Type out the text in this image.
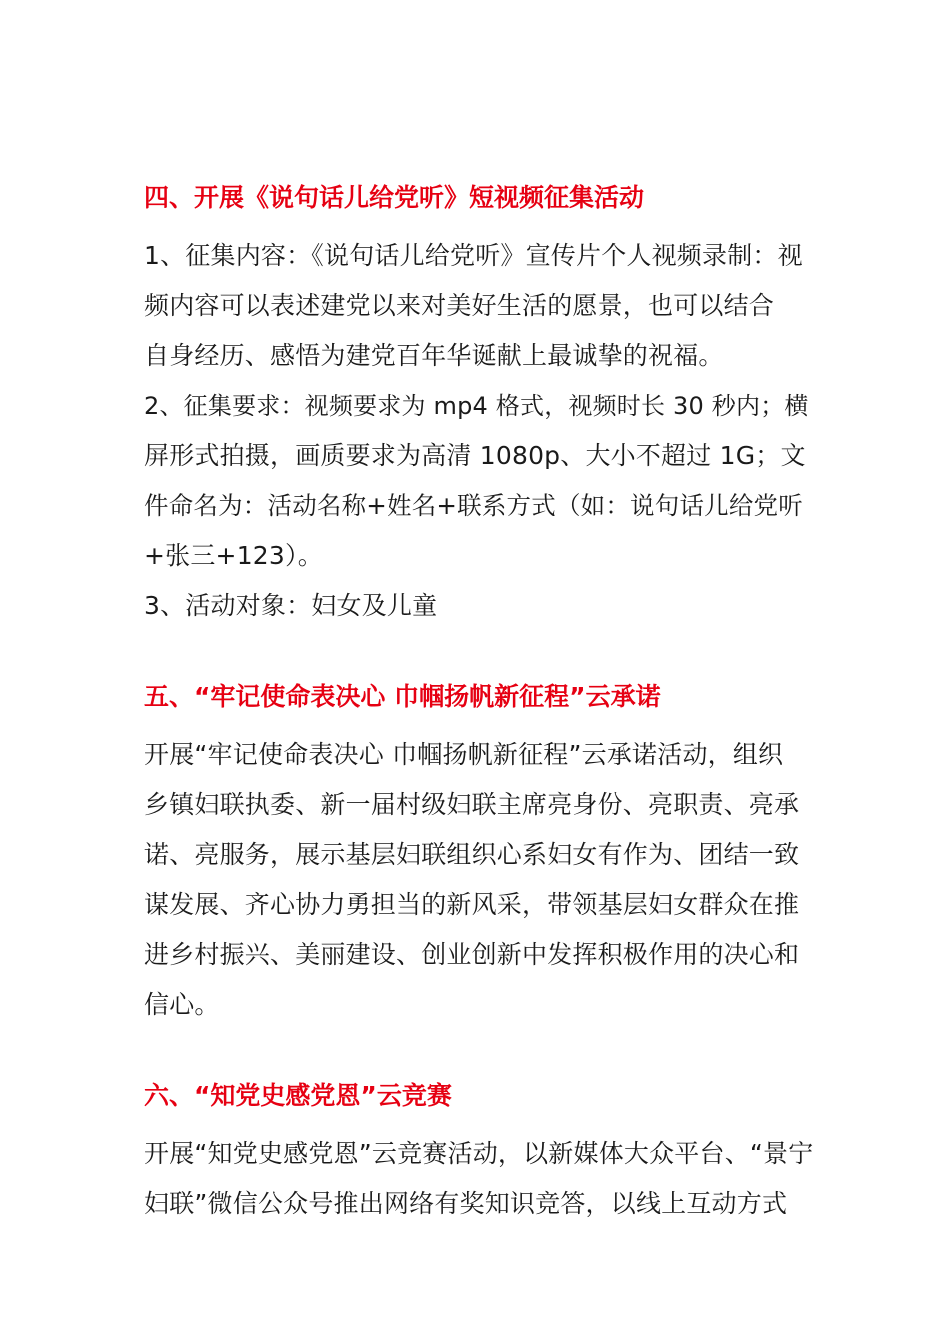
四、开展《说句话儿给党听》短视频征集活动
1、征集内容：《说句话儿给党听》宣传片个人视频录制：视
频内容可以表述建党以来对美好生活的愿景，也可以结合
自身经历、感悟为建党百年华诞献上最诚挚的祝福。
2、征集要求：视频要求为 mp4 格式，视频时长 30 秒内；横
屏形式拍摄，画质要求为高清 1080p、大小不超过 1G；文
件命名为：活动名称+姓名+联系方式（如：说句话儿给党听
+张三+123）。
3、活动对象：妇女及儿童
五、“牢记使命表决心 巾帼扬帆新征程”云承诺
开展“牢记使命表决心 巾帼扬帆新征程”云承诺活动，组织
乡镇妇联执委、新一届村级妇联主席亮身份、亮职责、亮承
诺、亮服务，展示基层妇联组织心系妇女有作为、团结一致
谋发展、齐心协力勇担当的新风采，带领基层妇女群众在推
进乡村振兴、美丽建设、创业创新中发挥积极作用的决心和
信心。
六、“知党史感党恩”云竞赛
开展“知党史感党恩”云竞赛活动，以新媒体大众平台、“景宁
妇联”微信公众号推出网络有奖知识竞答，以线上互动方式
